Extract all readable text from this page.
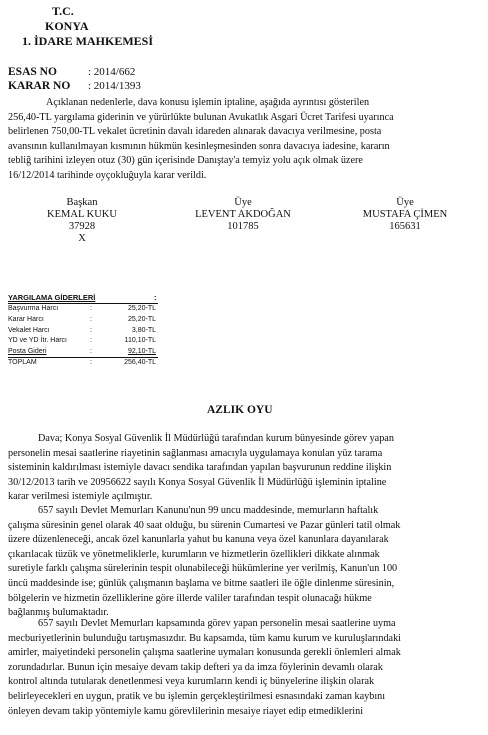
T.C.
KONYA
1. İDARE MAHKEMESİ
ESAS NO	: 2014/662
KARAR NO : 2014/1393
Açıklanan nedenlerle, dava konusu işlemin iptaline, aşağıda ayrıntısı gösterilen
256,40-TL yargılama giderinin ve yürürlükte bulunan Avukatlık Asgari Ücret Tarifesi uyarınca
belirlenen 750,00-TL vekalet ücretinin davalı idareden alınarak davacıya verilmesine, posta
avansının kullanılmayan kısmının hükmün kesinleşmesinden sonra davacıya iadesine, kararın
tebliğ tarihini izleyen otuz (30) gün içerisinde Danıştay'a temyiz yolu açık olmak üzere
16/12/2014 tarihinde oyçokluğuyla karar verildi.
Başkan
KEMAL KUKU
37928
X
Üye
LEVENT AKDOĞAN
101785
Üye
MUSTAFA ÇİMEN
165631
YARGILAMA GİDERLERİ	:
Başvurma Harcı	:	25,20-TL
Karar Harcı	:	25,20-TL
Vekalet Harcı	:	3,80-TL
YD ve YD İtr. Harcı	:	110,10-TL
Posta Gideri	:	92,10-TL
TOPLAM	:	256,40-TL
AZLIK OYU
Dava; Konya Sosyal Güvenlik İl Müdürlüğü tarafından kurum bünyesinde görev yapan
personelin mesai saatlerine riayetinin sağlanması amacıyla uygulamaya konulan yüz tarama
sisteminin kaldırılması istemiyle davacı sendika tarafından yapılan başvurunun reddine ilişkin
30/12/2013 tarih ve 20956622 sayılı Konya Sosyal Güvenlik İl Müdürlüğü işleminin iptaline
karar verilmesi istemiyle açılmıştır.
657 sayılı Devlet Memurları Kanunu'nun 99 uncu maddesinde, memurların haftalık
çalışma süresinin genel olarak 40 saat olduğu, bu sürenin Cumartesi ve Pazar günleri tatil olmak
üzere düzenleneceği, ancak özel kanunlarla yahut bu kanuna veya özel kanunlara dayanılarak
çıkarılacak tüzük ve yönetmeliklerle, kurumların ve hizmetlerin özellikleri dikkate alınmak
suretiyle farklı çalışma sürelerinin tespit olunabileceği hükümlerine yer verilmiş, Kanun'un 100
üncü maddesinde ise; günlük çalışmanın başlama ve bitme saatleri ile öğle dinlenme süresinin,
bölgelerin ve hizmetin özelliklerine göre illerde valiler tarafından tespit olunacağı hükme
bağlanmış bulumaktadır.
657 sayılı Devlet Memurları kapsamında görev yapan personelin mesai saatlerine uyma
mecburiyetlerinin bulunduğu tartışmasızdır. Bu kapsamda, tüm kamu kurum ve kuruluşlarındaki
amirler, maiyetindeki personelin çalışma saatlerine uymaları konusunda gerekli önlemleri almak
zorundadırlar. Bunun için mesaiye devam takip defteri ya da imza föylerinin devamlı olarak
kontrol altında tutularak denetlenmesi veya kurumların kendi iç bünyelerine ilişkin olarak
belirleyecekleri en uygun, pratik ve bu işlemin gerçekleştirilmesi esnasındaki zaman kaybını
önleyen devam takip yöntemiyle kamu görevlilerinin mesaiye riayet edip etmediklerini
